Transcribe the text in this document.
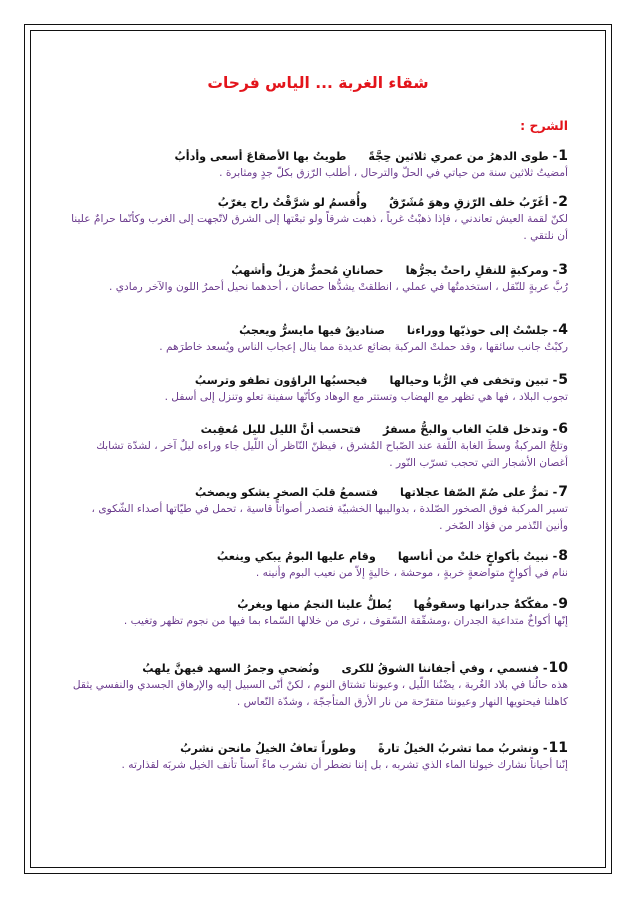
شقاء الغربة ... الياس فرحات
الشرح :
1
- طوى الدهرُ من عمري ثلاثين حِجَّةً
طويتُ بها الأصقاعَ أسعى وأدأبُ
أمضيتُ ثلاثين سنة من حياتي في الحلّ والترحال ، أطلب الرّزق بكلّ جدٍ ومثابرة .
2
- أغَرّبُ خلف الرّزقِ وهوَ مُشَرّقٌ
وأُقسمُ لو شرَّقْتُ راح يغرّبُ
لكنّ لقمة العيش تعاندني ، فإذا ذهبْتُ غرباً ، ذهبت شرقاً ولو تبعْتها إلى الشرق لاتّجهت إلى الغرب وكأنّما حرامٌ علينا أن نلتقي .
3
- ومركبةٍ للنقلِ راحتْ يجرُّها
حصانانِ مُحمرٌّ هزيلٌ وأشهبُ
رُبَّ عربةٍ للنّقل ، استخدمتُها في عملي ، انطلقتْ يشدُّها حصانان ، أحدهما نحيل أحمرُ اللون والآخر رمادي .
4
- جلسْتُ إلى حوذيّها ووراءنا
صناديقُ فيها مايسرُّ ويعجبُ
ركبْتُ جانب سائقها ، وقد حملتْ المركبة بضائع عديدة مما ينال إعجاب الناس ويُسعد خاطرَهم .
5
- تبين وتخفى في الرُّبا وحيالها
فيحسبُها الراؤون تطفو وترسبُ
تجوب البلاد ، فها هي تظهر مع الهضاب وتستتر مع الوهاد وكأنّها سفينة تعلو وتنزل إلى أسفل .
6
- وتدخل قلبَ الغاب والبحُّ مسفرٌ
فتحسب أنَّ الليل لليل مُعقِبث
وتلجُ المركبةُ وسطَ الغابة اللّفة عند الصّباح المُشرق ، فيظنّ النّاظر أن اللّيل جاء وراءه ليلٌ آخر ، لشدّة تشابك أغصان الأشجار التي تحجب تسرّب النّور .
7
- تمرُّ على صُمّ الصّفا عجلاتها
فتسمعُ قلبَ الصخرِ يشكو ويصخبُ
تسير المركبة فوق الصخور الصّلدة ، بدواليبها الخشبيّة فتصدر أصواتاً قاسية ، تحمل في طيّاتها أصداء الشّكوى ، وأنين التّذمر من فؤاد الصّخر .
8
- نبيتُ بأكواخٍ خلتْ من أناسها
وقام عليها البومُ يبكي وينعبُ
ننام في أكواخٍ متواضعةٍ خربةٍ ، موحشة ، خاليةٍ إلاّ من نعيب البوم وأنينه .
9
- مفكّكةٌ جدرانها وسقوفُها
يُطلُّ علينا النجمُ منها ويغربُ
إنّها أكواخٌ متداعية الجدران ،ومشقّقة السّقوف ، ترى من خلالها السّماء بما فيها من نجوم تظهر وتغيب .
10
- فنسمي ، وفي أجفاننا الشوقُ للكرى
ونُضحي وجمرُ السهد فيهنَّ يلهبُ
هذه حالُنا في بلاد الغُربة ، يضْنُنا اللّيل ، وعيوننا تشتاق النوم ، لكنْ أنّى السبيل إليه والإرهاق الجسدي والنفسي يثقل كاهلنا فيحتويها النهار وعيوننا متقرّحة من نار الأرق المتأججّة ، وشدّة النّعاس .
11
- ونشربُ مما تشربُ الخيلُ تارةً
وطوراً تعافُ الخيلُ مانحن نشربُ
إنّنا أحياناً نشارك خيولنا الماء الذي تشربه ، بل إننا نضطر أن نشرب ماءً آسناً تأنف الخيل شربَه لقذارته .
